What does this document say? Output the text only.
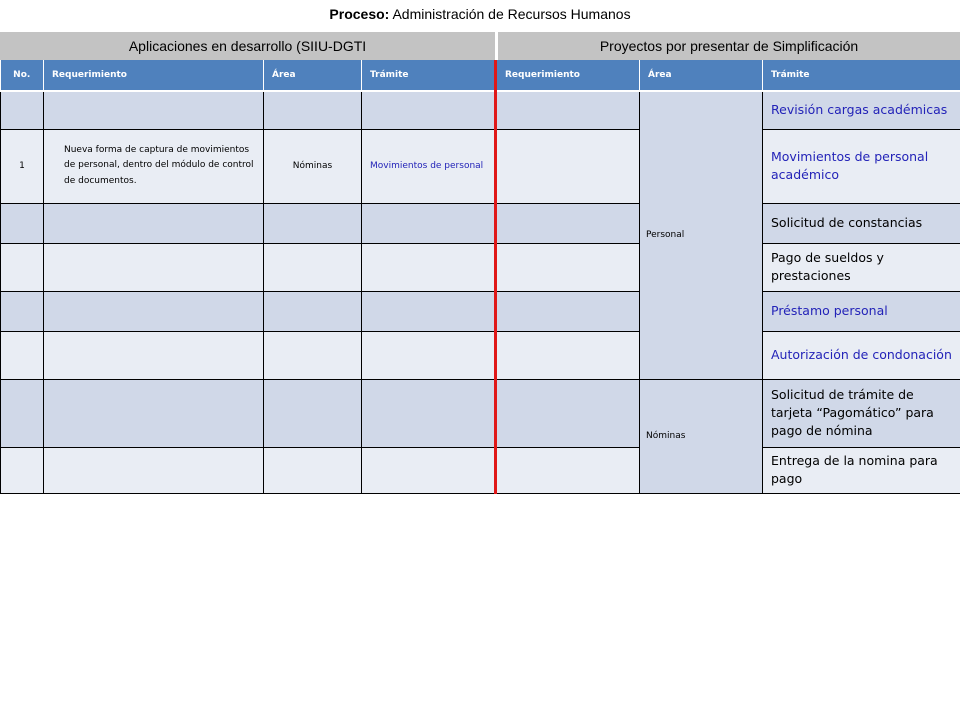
Proceso: Administración de Recursos Humanos
Aplicaciones en desarrollo (SIIU-DGTI	Proyectos por presentar de Simplificación
No.	Requerimiento	Área	Trámite	Requerimiento	Área	Trámite
					Personal	Revisión cargas académicas
1	Nueva forma de captura de movimientos de personal, dentro del módulo de control de documentos.	Nóminas	Movimientos de personal			Movimientos de personal académico
						Solicitud de constancias
						Pago de sueldos y prestaciones
						Préstamo personal
						Autorización de condonación
					Nóminas	Solicitud de trámite de tarjeta “Pagomático” para pago de nómina
						Entrega de la nomina para pago
